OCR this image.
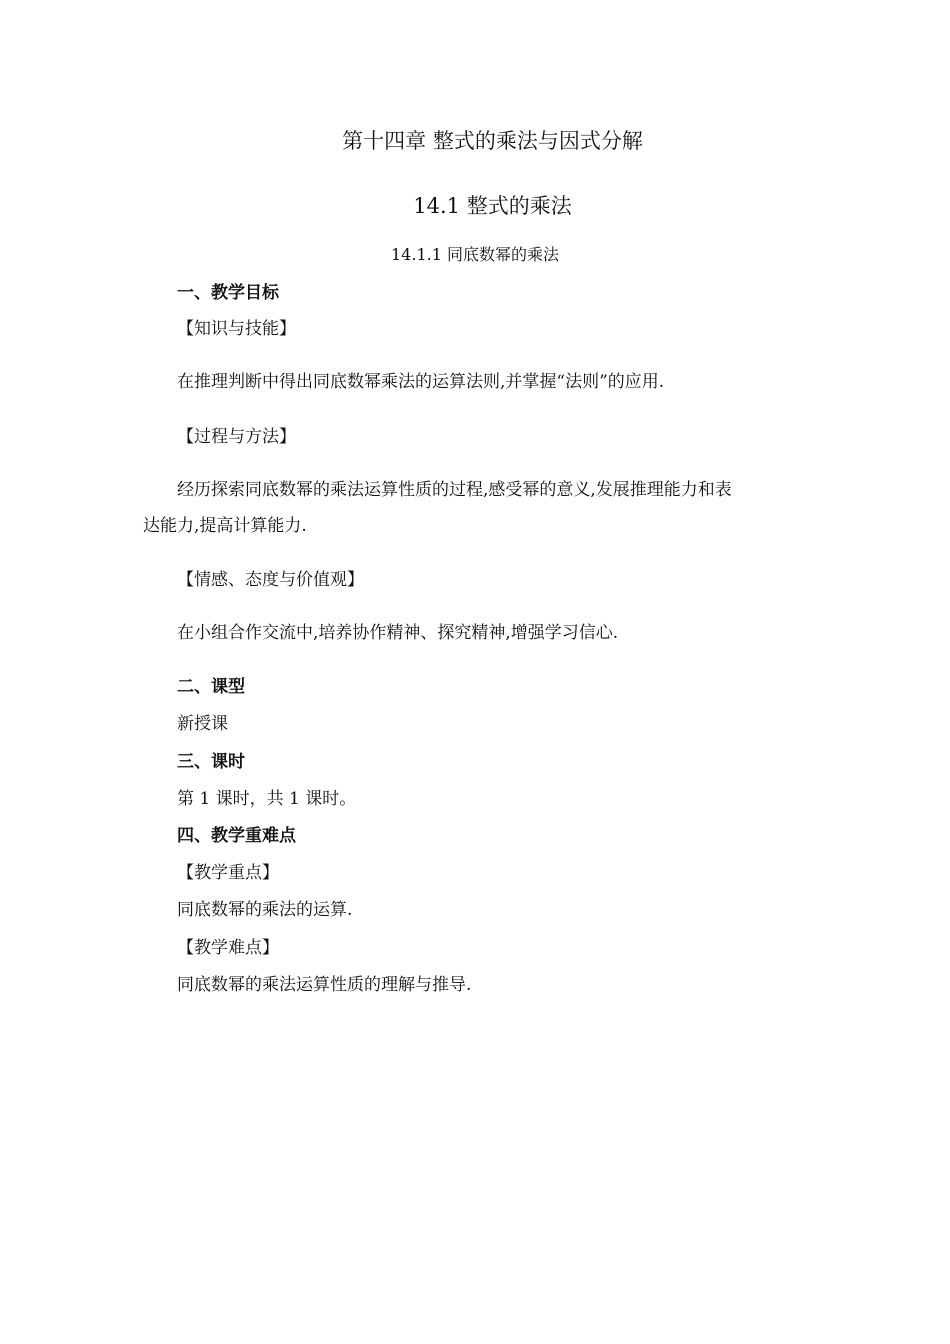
第十四章 整式的乘法与因式分解
14.1 整式的乘法
14.1.1 同底数幂的乘法
一、教学目标
【知识与技能】
在推理判断中得出同底数幂乘法的运算法则,并掌握“法则”的应用.
【过程与方法】
经历探索同底数幂的乘法运算性质的过程,感受幂的意义,发展推理能力和表
达能力,提高计算能力.
【情感、态度与价值观】
在小组合作交流中,培养协作精神、探究精神,增强学习信心.
二、课型
新授课
三、课时
第 1 课时，共 1 课时。
四、教学重难点
【教学重点】
同底数幂的乘法的运算.
【教学难点】
同底数幂的乘法运算性质的理解与推导.
